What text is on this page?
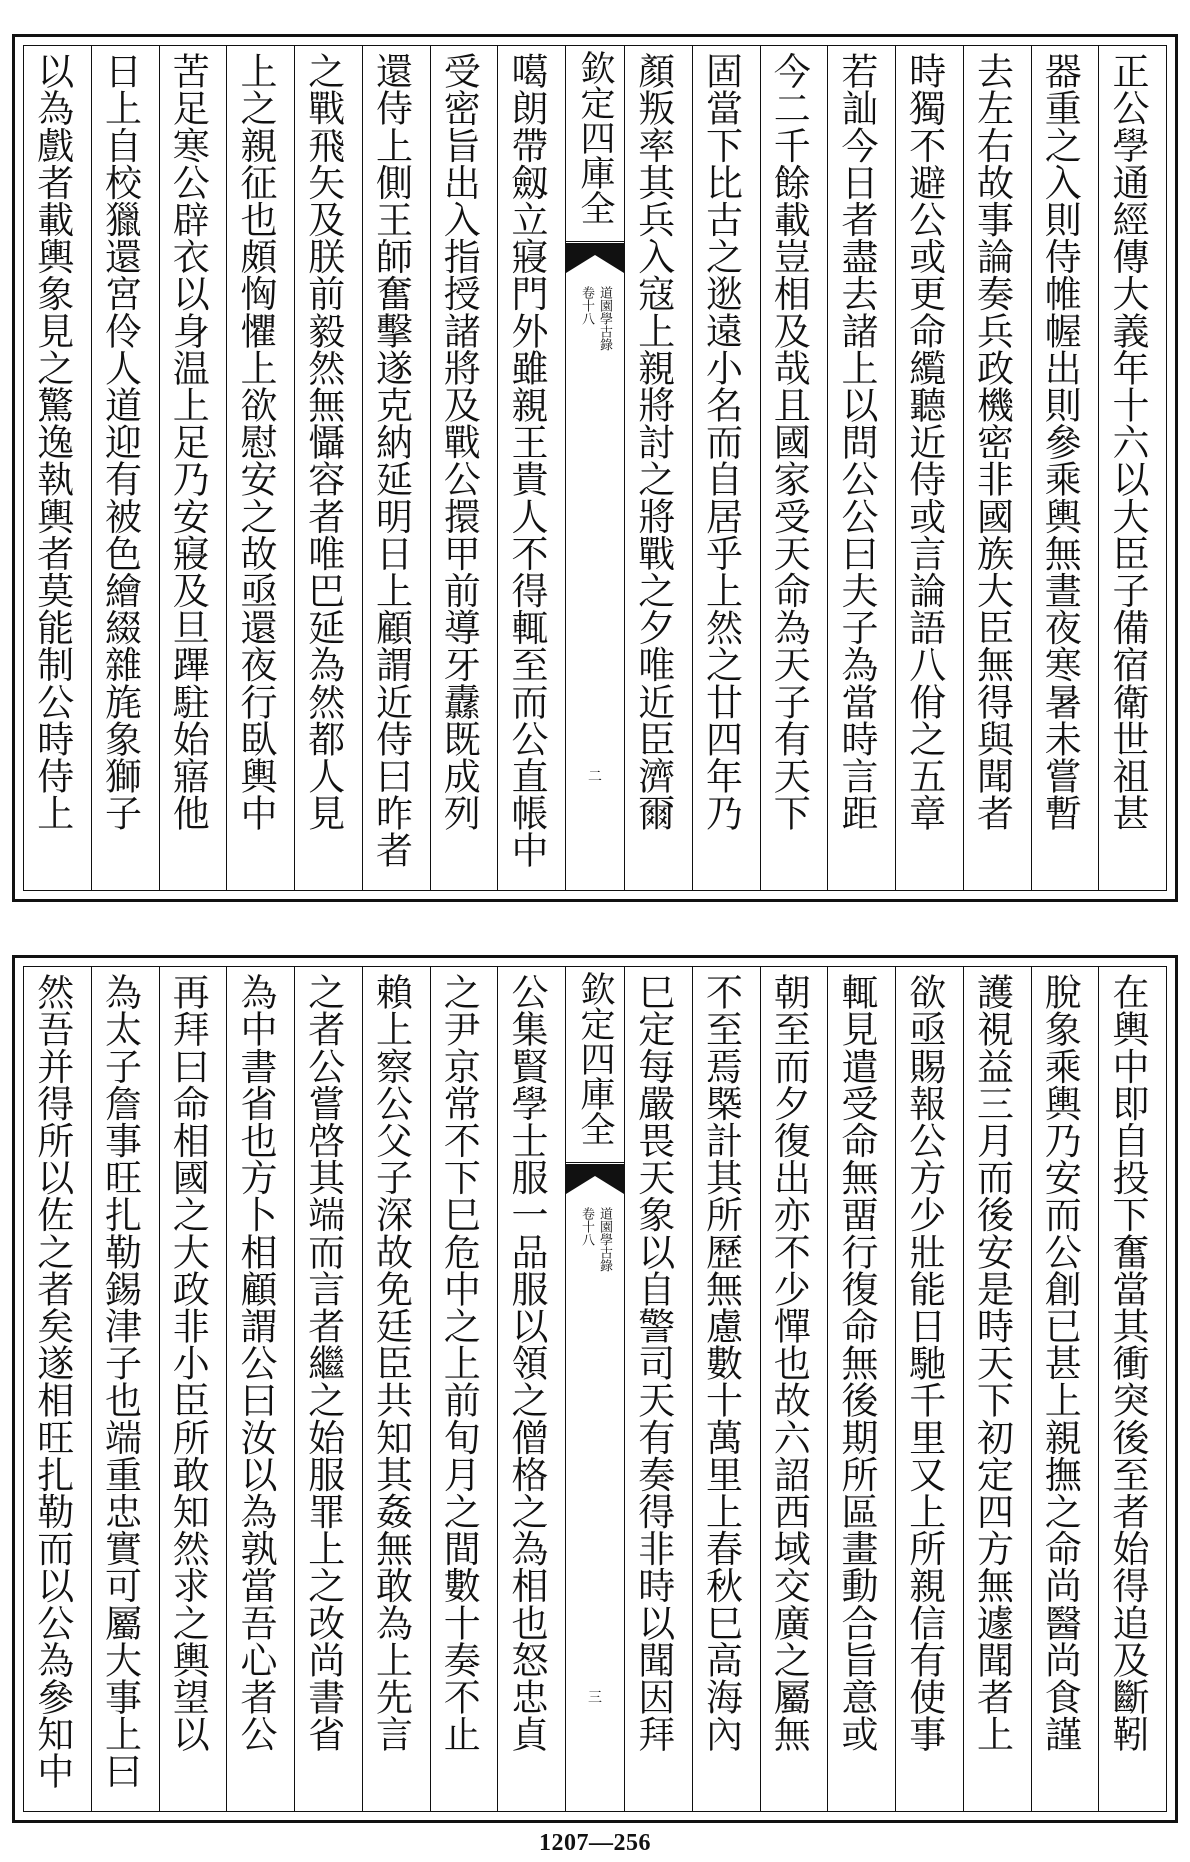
正公學通經傳大義年十六以大臣子備宿衛世祖甚
器重之入則侍帷幄出則參乘輿無晝夜寒暑未嘗暫
去左右故事論奏兵政機密非國族大臣無得與聞者
時獨不避公或更命䌫聽近侍或言論語八佾之五章
若訕今日者盡去諸上以問公公曰夫子為當時言距
今二千餘載豈相及哉且國家受天命為天子有天下
固當下比古之逖遠小名而自居乎上然之廿四年乃
顏叛率其兵入寇上親將討之將戰之夕唯近臣濟爾
欽定四庫全
道園學古錄
卷十八
二
噶朗帶劔立寢門外雖親王貴人不得輒至而公直帳中
受密旨出入指授諸將及戰公擐甲前導牙纛既成列
還侍上側王師奮擊遂克納延明日上顧謂近侍曰昨者
之戰飛矢及朕前毅然無懾容者唯巴延為然都人見
上之親征也頗恟懼上欲慰安之故亟還夜行臥輿中
苦足寒公辟衣以身温上足乃安寢及旦蹕駐始寤他
日上自校獵還宮伶人道迎有被色繪綴雜旄象獅子
以為戲者載輿象見之驚逸執輿者莫能制公時侍上
在輿中即自投下奮當其衝突後至者始得追及斷靷
脫象乘輿乃安而公創已甚上親撫之命尚醫尚食謹
護視益三月而後安是時天下初定四方無遽聞者上
欲亟賜報公方少壯能日馳千里又上所親信有使事
輒見遣受命無畱行復命無後期所區畫動合旨意或
朝至而夕復出亦不少憚也故六詔西域交廣之屬無
不至焉槩計其所歷無慮數十萬里上春秋巳高海內
巳定每嚴畏天象以自警司天有奏得非時以聞因拜
欽定四庫全
道園學古錄
卷十八
三
公集賢學士服一品服以領之僧格之為相也怒忠貞
之尹京常不下巳危中之上前旬月之間數十奏不止
賴上察公父子深故免廷臣共知其姦無敢為上先言
之者公嘗啓其端而言者繼之始服罪上之改尚書省
為中書省也方卜相顧謂公曰汝以為孰當吾心者公
再拜曰命相國之大政非小臣所敢知然求之輿望以
為太子詹事旺扎勒錫津子也端重忠實可屬大事上曰
然吾并得所以佐之者矣遂相旺扎勒而以公為參知中
1207—256
